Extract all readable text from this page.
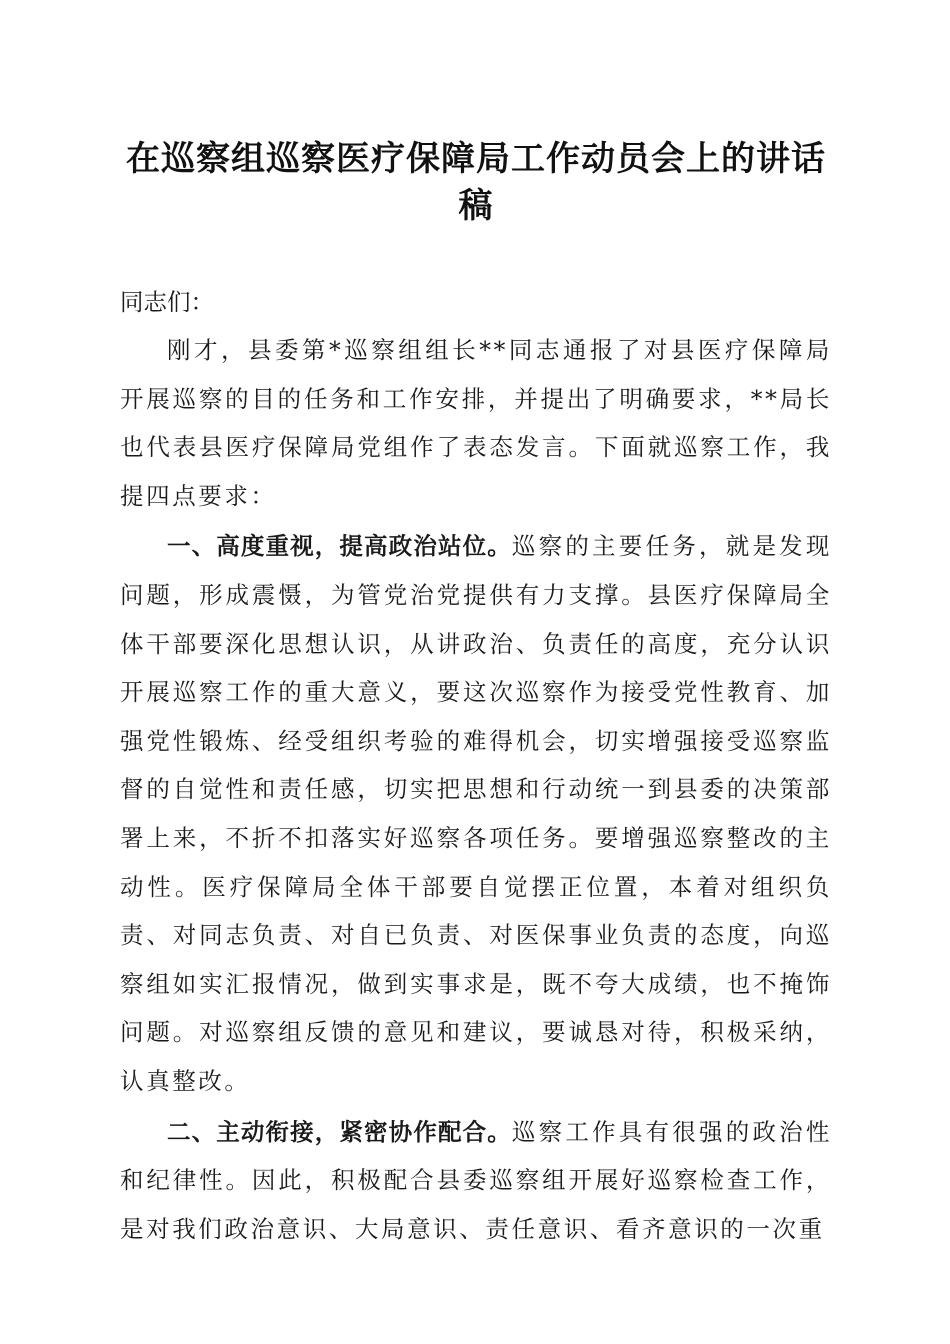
在巡察组巡察医疗保障局工作动员会上的讲话稿

同志们：

刚才，县委第*巡察组组长**同志通报了对县医疗保障局开展巡察的目的任务和工作安排，并提出了明确要求，**局长也代表县医疗保障局党组作了表态发言。下面就巡察工作，我提四点要求：

一、高度重视，提高政治站位。巡察的主要任务，就是发现问题，形成震慑，为管党治党提供有力支撑。县医疗保障局全体干部要深化思想认识，从讲政治、负责任的高度，充分认识开展巡察工作的重大意义，要这次巡察作为接受党性教育、加强党性锻炼、经受组织考验的难得机会，切实增强接受巡察监督的自觉性和责任感，切实把思想和行动统一到县委的决策部署上来，不折不扣落实好巡察各项任务。要增强巡察整改的主动性。医疗保障局全体干部要自觉摆正位置，本着对组织负责、对同志负责、对自已负责、对医保事业负责的态度，向巡察组如实汇报情况，做到实事求是，既不夸大成绩，也不掩饰问题。对巡察组反馈的意见和建议，要诚恳对待，积极采纳，认真整改。

二、主动衔接，紧密协作配合。巡察工作具有很强的政治性和纪律性。因此，积极配合县委巡察组开展好巡察检查工作，是对我们政治意识、大局意识、责任意识、看齐意识的一次重
